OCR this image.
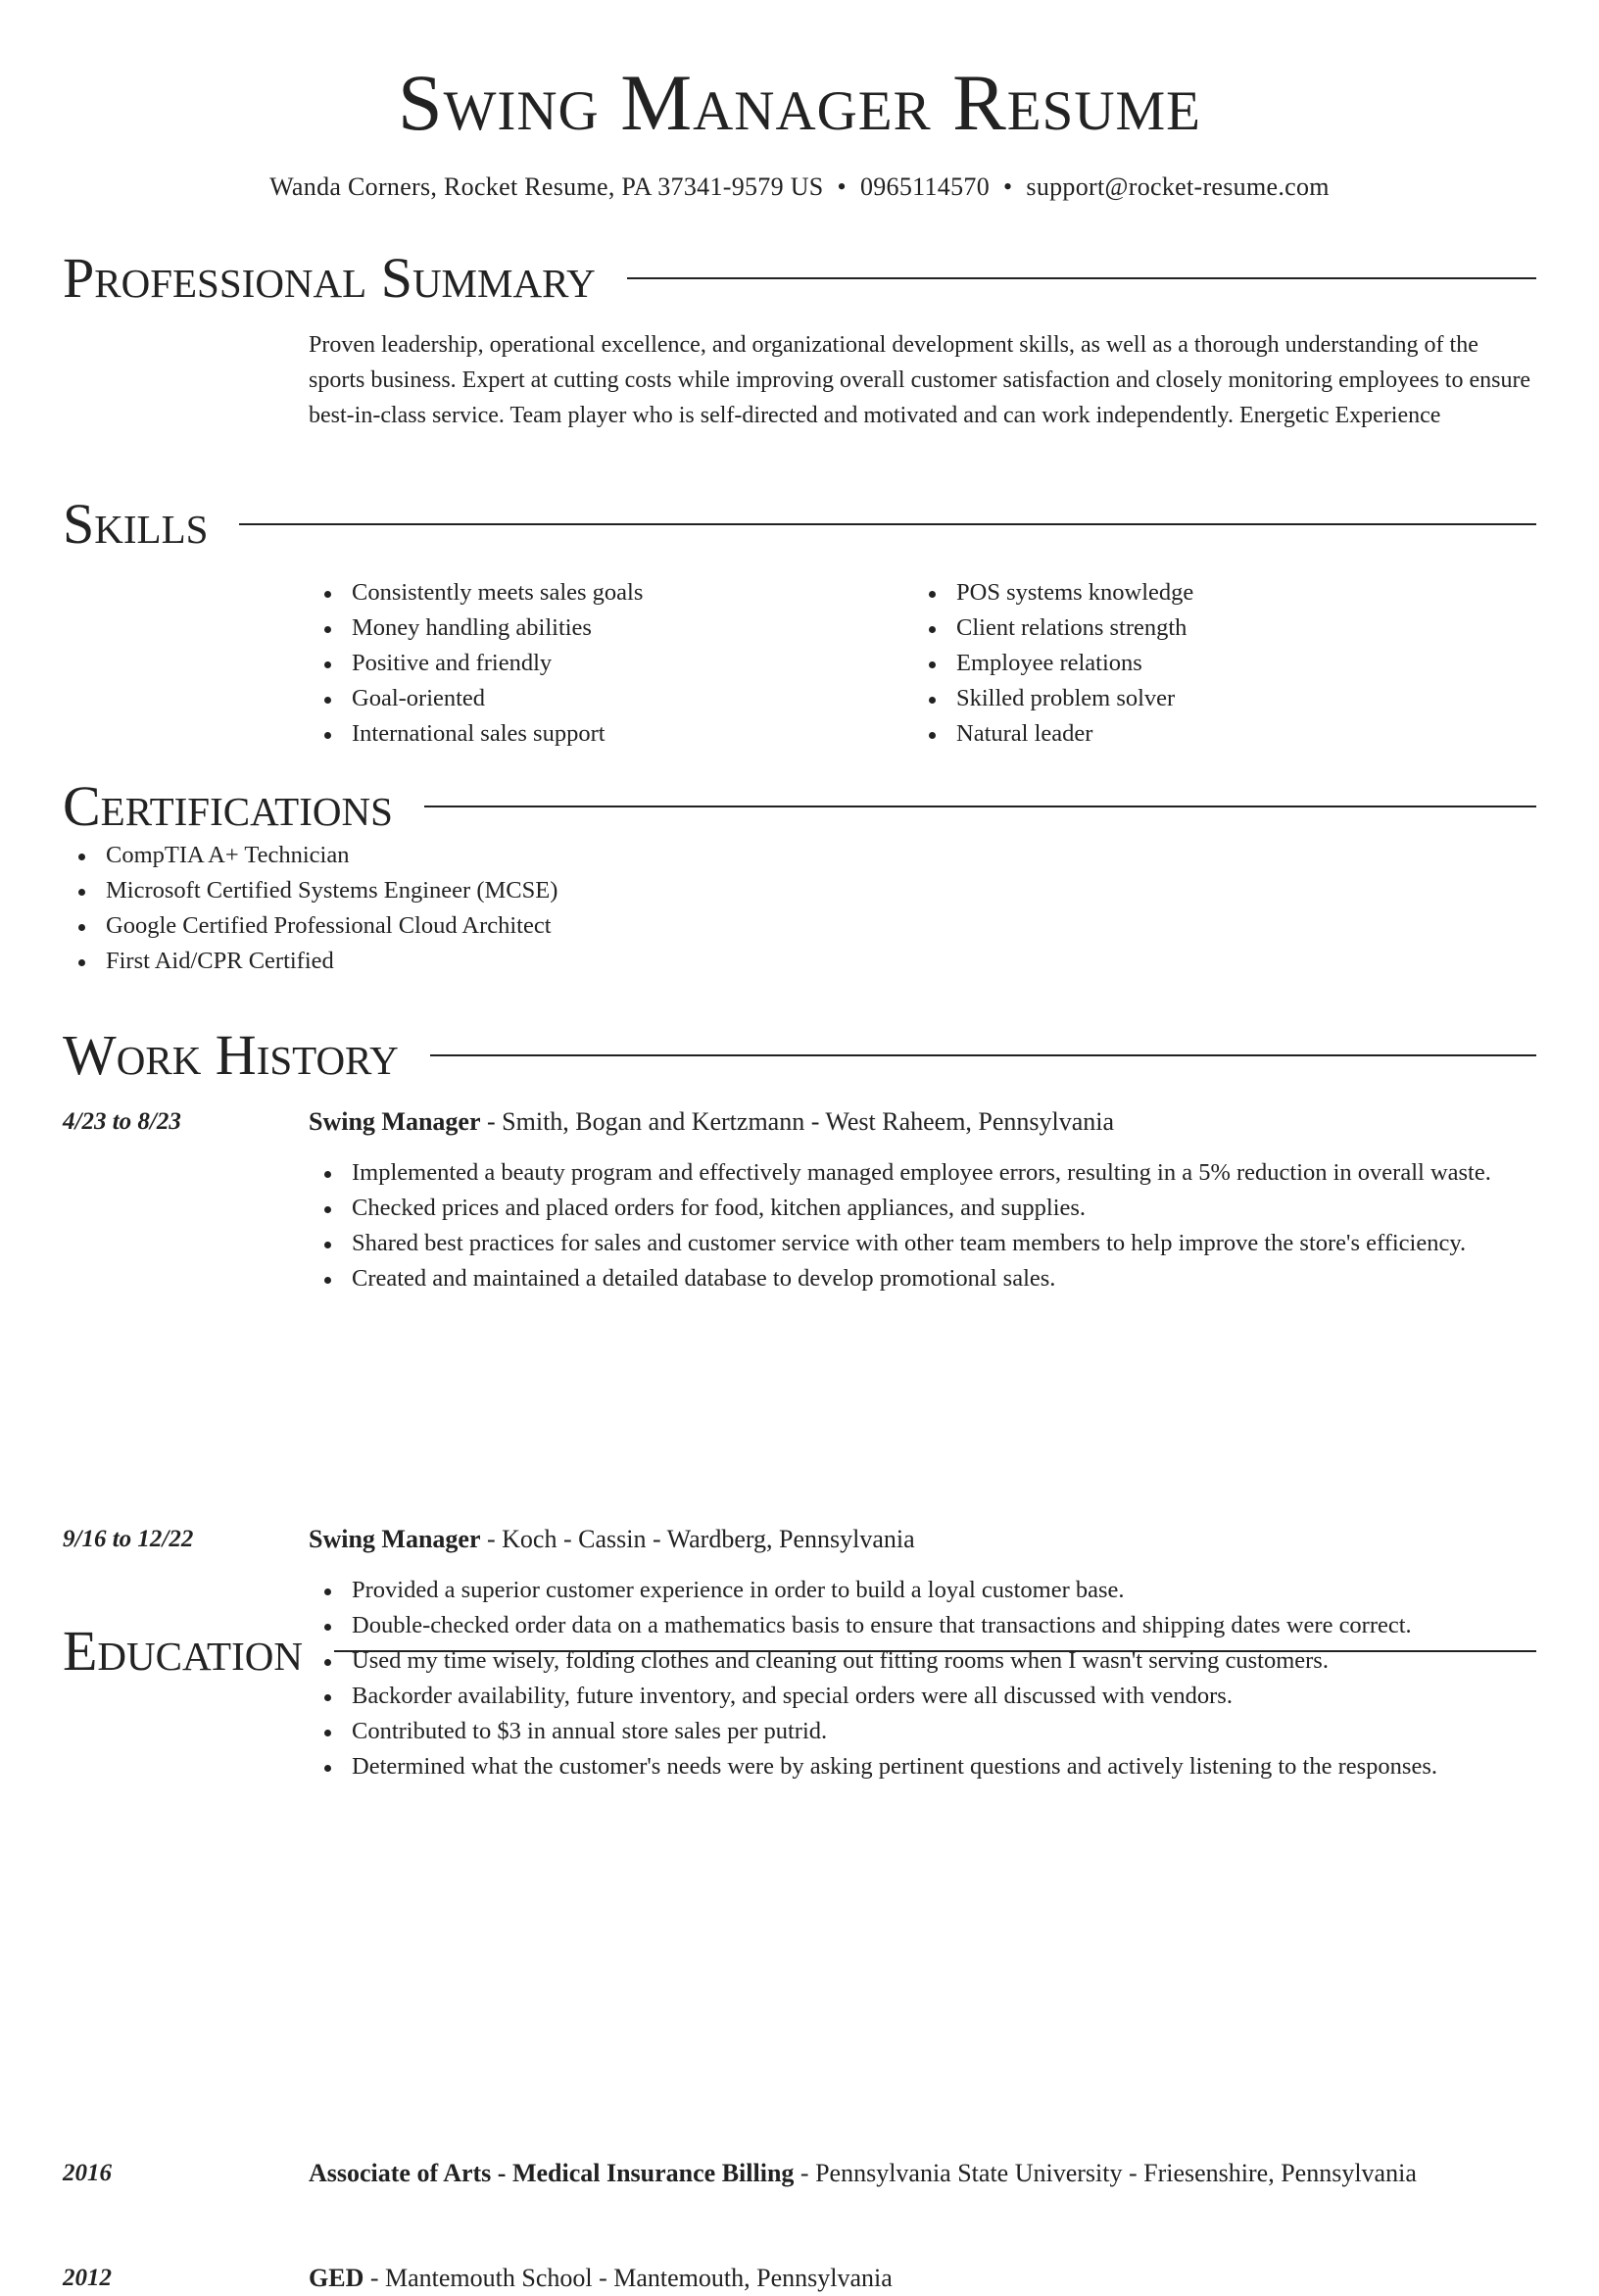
Swing Manager Resume
Wanda Corners, Rocket Resume, PA 37341-9579 US • 0965114570 • support@rocket-resume.com
Professional Summary

Proven leadership, operational excellence, and organizational development skills, as well as a thorough understanding of the sports business. Expert at cutting costs while improving overall customer satisfaction and closely monitoring employees to ensure best-in-class service. Team player who is self-directed and motivated and can work independently. Energetic Experience

Skills
Consistently meets sales goals
Money handling abilities
Positive and friendly
Goal-oriented
International sales support
POS systems knowledge
Client relations strength
Employee relations
Skilled problem solver
Natural leader
Certifications
CompTIA A+ Technician
Microsoft Certified Systems Engineer (MCSE)
Google Certified Professional Cloud Architect
First Aid/CPR Certified
Work History
4/23 to 8/23	Swing Manager - Smith, Bogan and Kertzmann - West Raheem, Pennsylvania
Implemented a beauty program and effectively managed employee errors, resulting in a 5% reduction in overall waste.
Checked prices and placed orders for food, kitchen appliances, and supplies.
Shared best practices for sales and customer service with other team members to help improve the store's efficiency.
Created and maintained a detailed database to develop promotional sales.
9/16 to 12/22	Swing Manager - Koch - Cassin - Wardberg, Pennsylvania
Provided a superior customer experience in order to build a loyal customer base.
Double-checked order data on a mathematics basis to ensure that transactions and shipping dates were correct.
Used my time wisely, folding clothes and cleaning out fitting rooms when I wasn't serving customers.
Backorder availability, future inventory, and special orders were all discussed with vendors.
Contributed to $3 in annual store sales per putrid.
Determined what the customer's needs were by asking pertinent questions and actively listening to the responses.
Education
2016	Associate of Arts - Medical Insurance Billing - Pennsylvania State University - Friesenshire, Pennsylvania
2012	GED - Mantemouth School - Mantemouth, Pennsylvania
